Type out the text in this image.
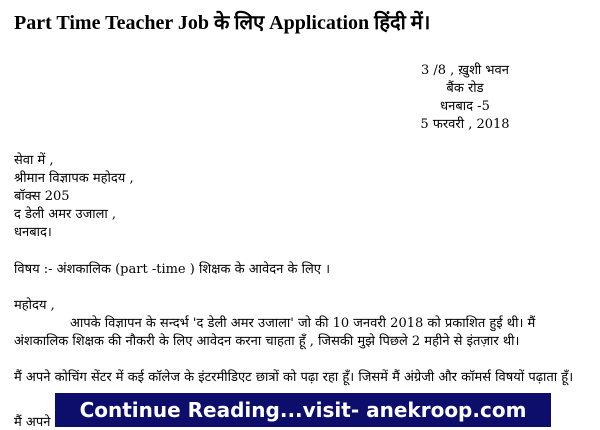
Part Time Teacher Job के लिए Application हिंदी में।
3 /8 , ख़ुशी भवन
बैंक रोड
धनबाद -5
5 फरवरी , 2018
सेवा में ,
श्रीमान विज्ञापक महोदय ,
बॉक्स 205
द डेली अमर उजाला ,
धनबाद।
विषय :- अंशकालिक (part -time ) शिक्षक के आवेदन के लिए ।
महोदय ,
आपके विज्ञापन के सन्दर्भ 'द डेली अमर उजाला' जो की 10 जनवरी 2018 को प्रकाशित हुई थी। मैं अंशकालिक शिक्षक की नौकरी के लिए आवेदन करना चाहता हूँ , जिसकी मुझे पिछले 2 महीने से इंतज़ार थी।
मैं अपने कोचिंग सेंटर में कई कॉलेज के इंटरमीडिएट छात्रों को पढ़ा रहा हूँ। जिसमें मैं अंग्रेजी और कॉमर्स विषयों पढ़ाता हूँ।
मैं अपने
Continue Reading...visit- anekroop.com
